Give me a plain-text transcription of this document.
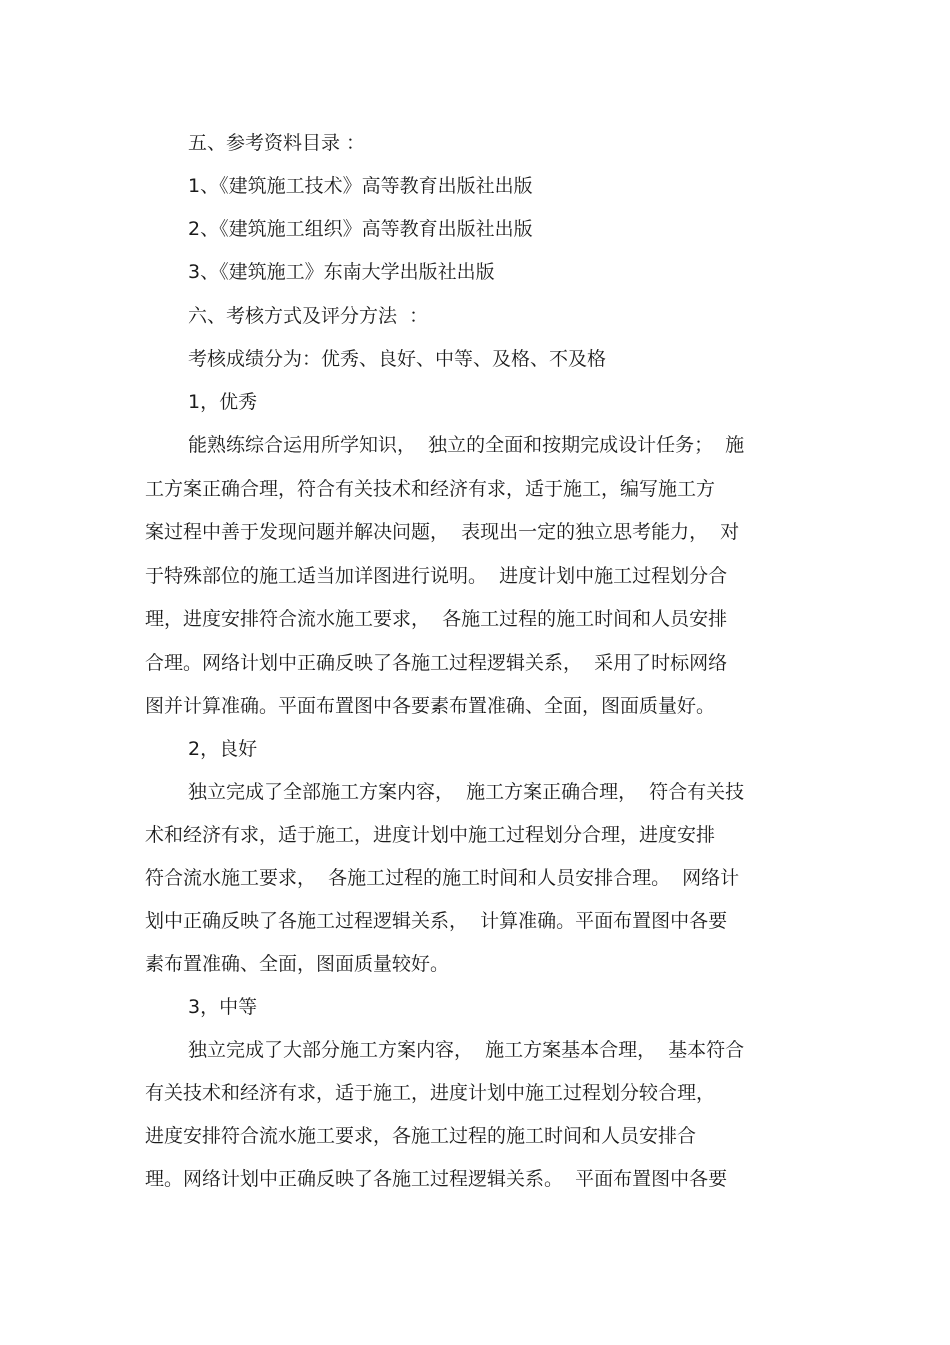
五、参考资料目录 ：
1、《建筑施工技术》高等教育出版社出版
2、《建筑施工组织》高等教育出版社出版
3、《建筑施工》东南大学出版社出版
六、考核方式及评分方法  ：
考核成绩分为：优秀、良好、中等、及格、不及格
1，优秀
能熟练综合运用所学知识，  独立的全面和按期完成设计任务；  施
工方案正确合理，符合有关技术和经济有求，适于施工，编写施工方
案过程中善于发现问题并解决问题，  表现出一定的独立思考能力，  对
于特殊部位的施工适当加详图进行说明。  进度计划中施工过程划分合
理，进度安排符合流水施工要求，  各施工过程的施工时间和人员安排
合理。网络计划中正确反映了各施工过程逻辑关系，  采用了时标网络
图并计算准确。平面布置图中各要素布置准确、全面，图面质量好。
2，良好
独立完成了全部施工方案内容，  施工方案正确合理，  符合有关技
术和经济有求，适于施工，进度计划中施工过程划分合理，进度安排
符合流水施工要求，  各施工过程的施工时间和人员安排合理。  网络计
划中正确反映了各施工过程逻辑关系，  计算准确。平面布置图中各要
素布置准确、全面，图面质量较好。
3，中等
独立完成了大部分施工方案内容，  施工方案基本合理，  基本符合
有关技术和经济有求，适于施工，进度计划中施工过程划分较合理，
进度安排符合流水施工要求，各施工过程的施工时间和人员安排合
理。网络计划中正确反映了各施工过程逻辑关系。  平面布置图中各要
